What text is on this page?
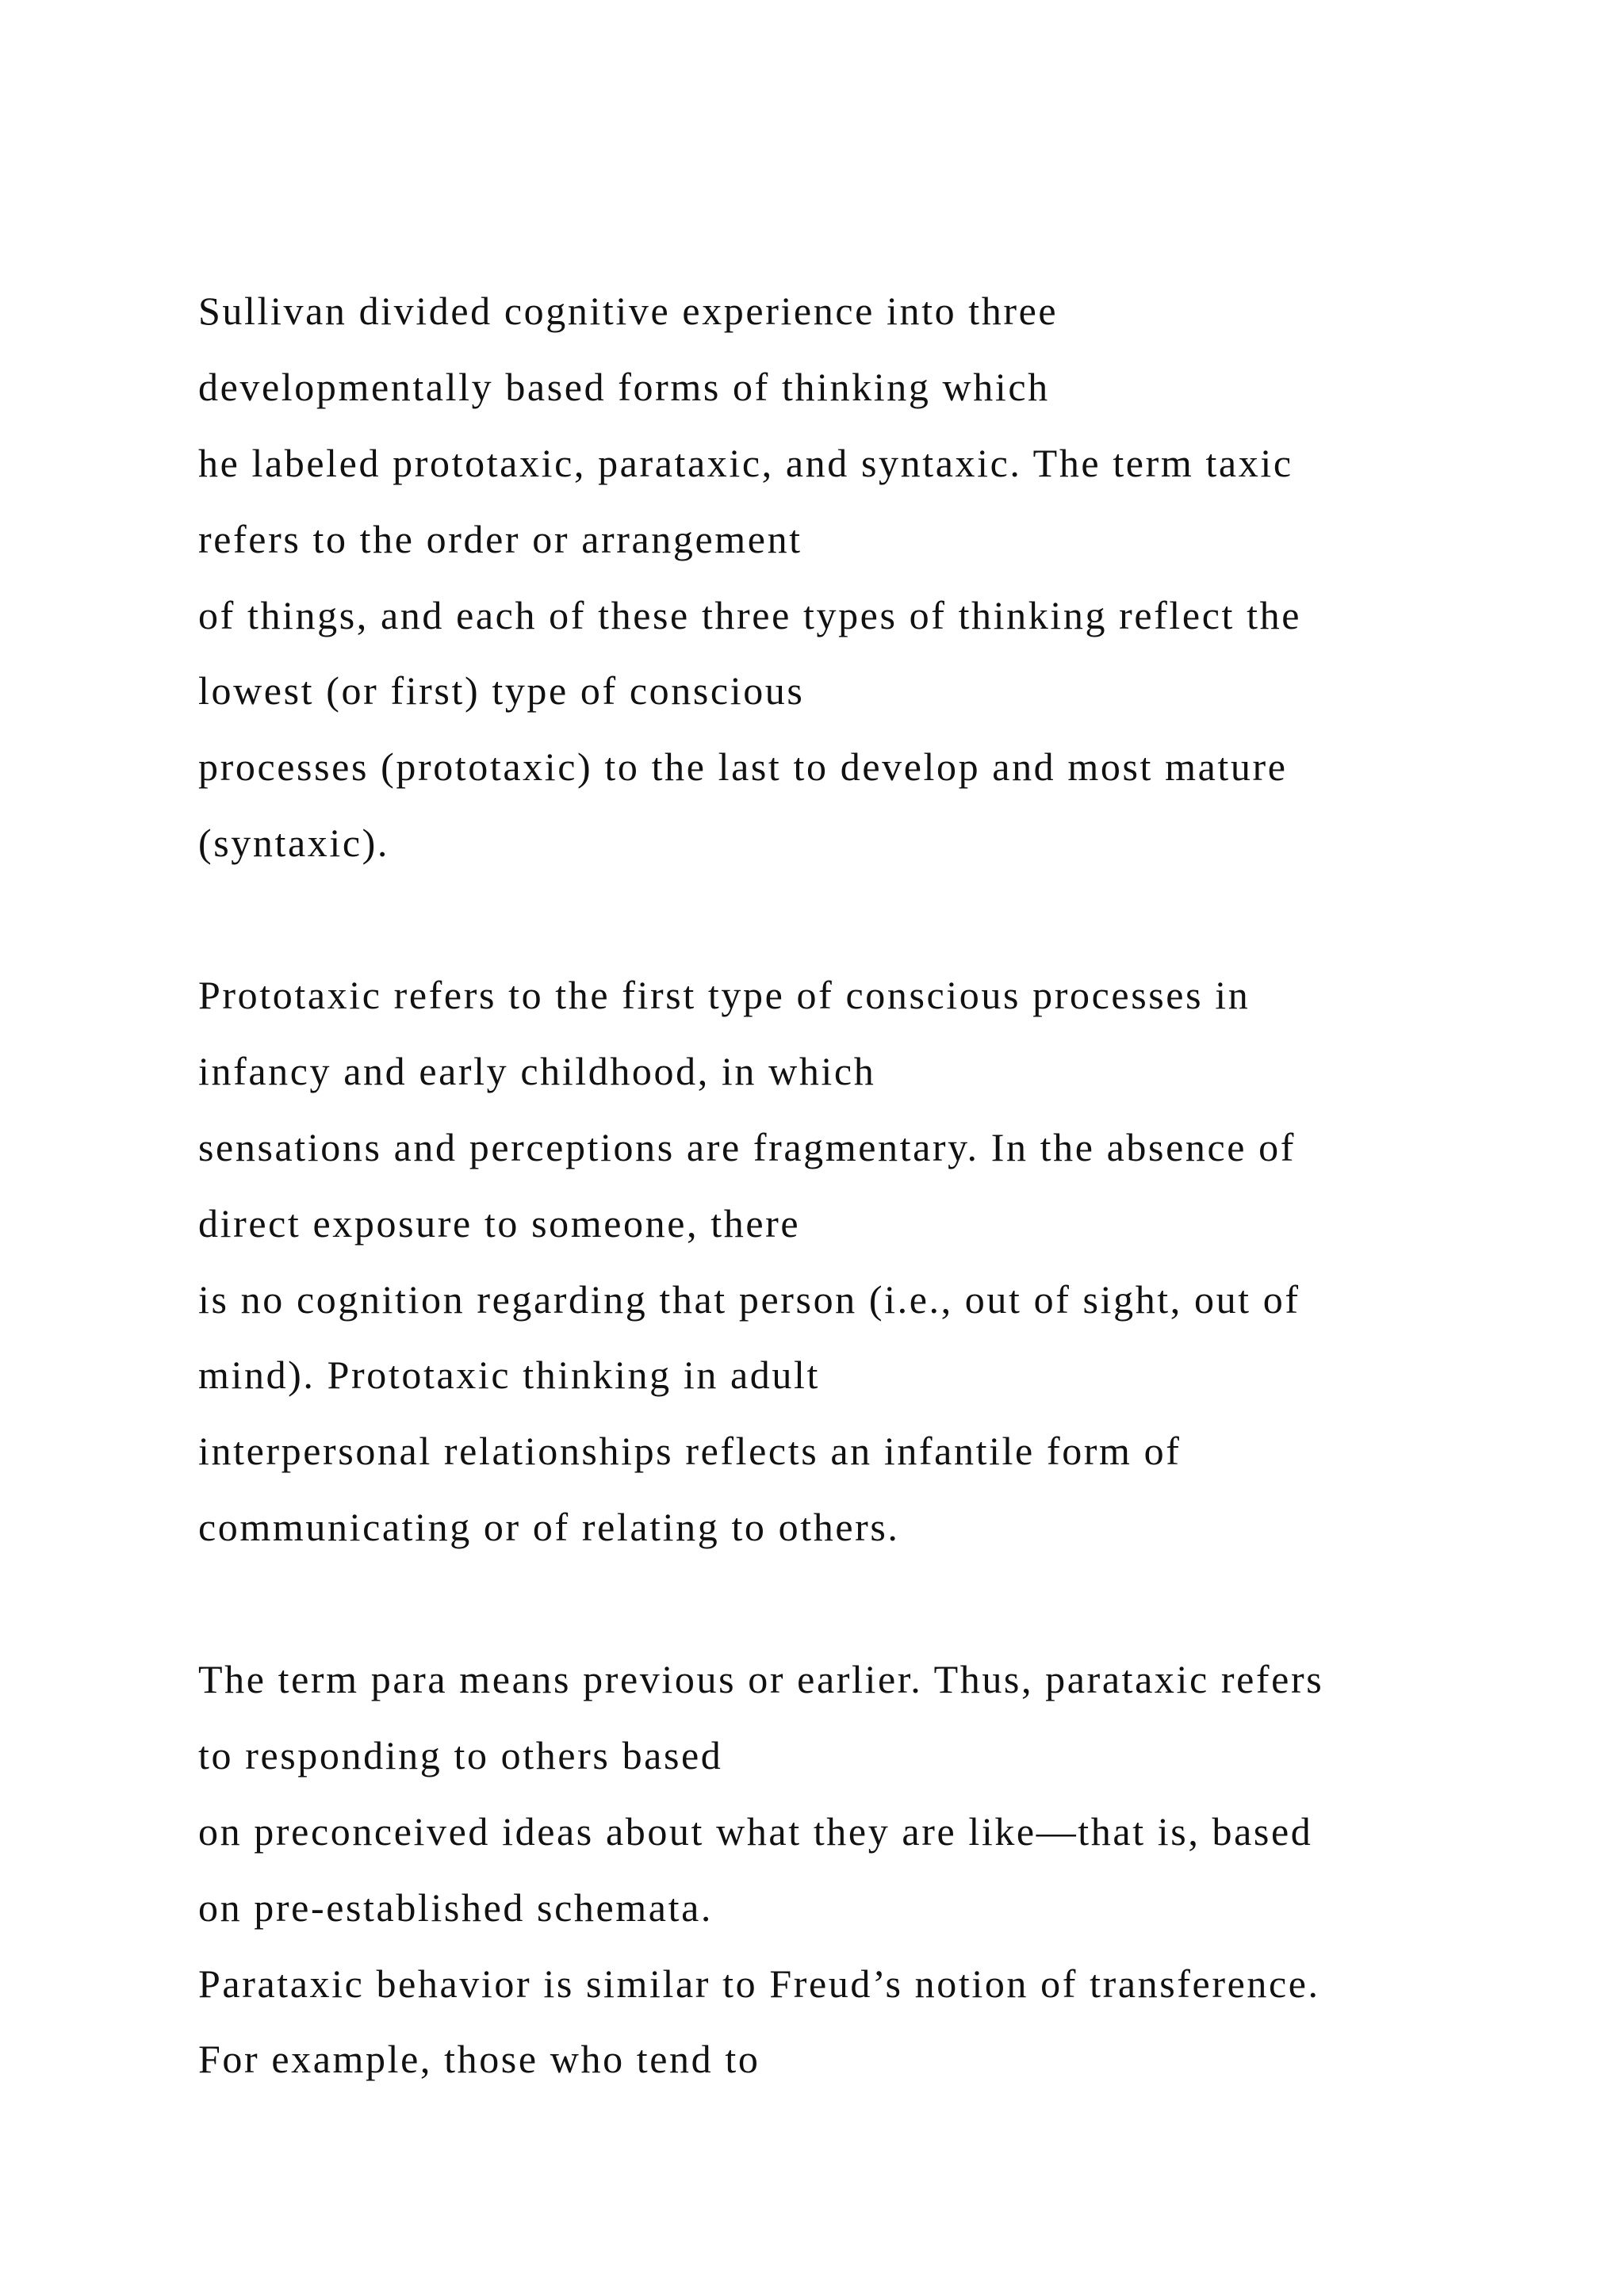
Sullivan divided cognitive experience into three
developmentally based forms of thinking which
he labeled prototaxic, parataxic, and syntaxic. The term taxic
refers to the order or arrangement
of things, and each of these three types of thinking reflect the
lowest (or first) type of conscious
processes (prototaxic) to the last to develop and most mature
(syntaxic).
Prototaxic refers to the first type of conscious processes in
infancy and early childhood, in which
sensations and perceptions are fragmentary. In the absence of
direct exposure to someone, there
is no cognition regarding that person (i.e., out of sight, out of
mind). Prototaxic thinking in adult
interpersonal relationships reflects an infantile form of
communicating or of relating to others.
The term para means previous or earlier. Thus, parataxic refers
to responding to others based
on preconceived ideas about what they are like—that is, based
on pre-established schemata.
Parataxic behavior is similar to Freud’s notion of transference.
For example, those who tend to
